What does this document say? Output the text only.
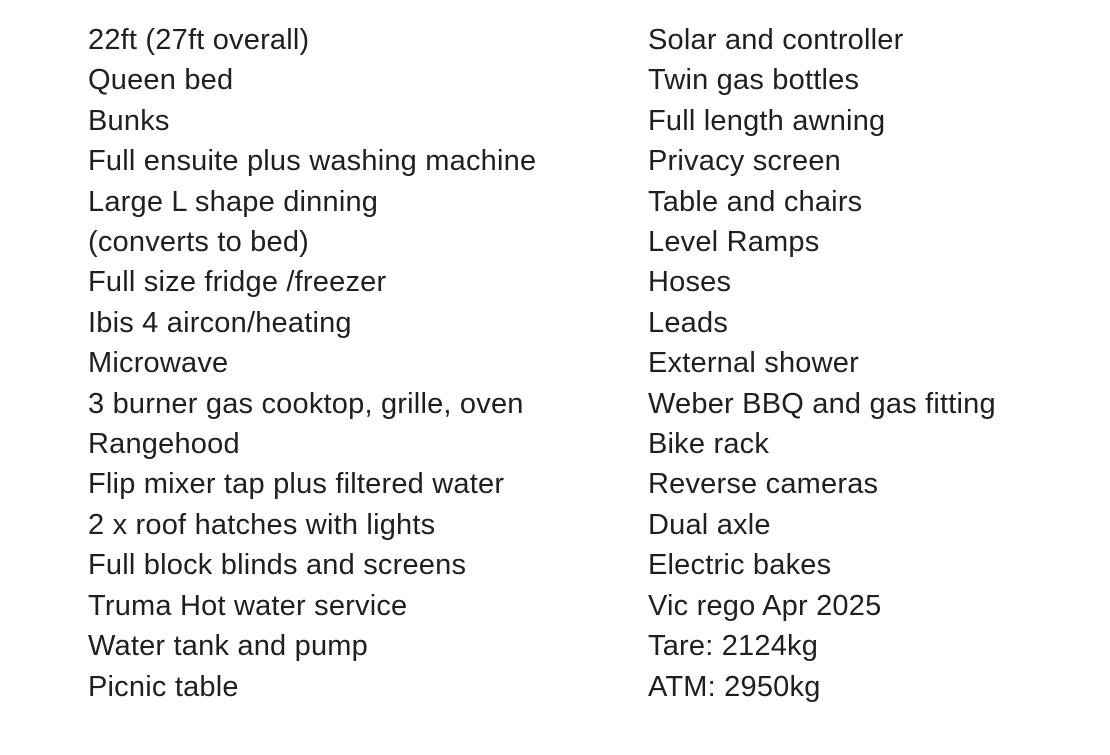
22ft (27ft overall)
Queen bed
Bunks
Full ensuite plus washing machine
Large L shape dinning
(converts to bed)
Full size fridge /freezer
Ibis 4 aircon/heating
Microwave
3 burner gas cooktop, grille, oven
Rangehood
Flip mixer tap plus filtered water
2 x roof hatches with lights
Full block blinds and screens
Truma Hot water service
Water tank and pump
Picnic table
Solar and controller
Twin gas bottles
Full length awning
Privacy screen
Table and chairs
Level Ramps
Hoses
Leads
External shower
Weber BBQ and gas fitting
Bike rack
Reverse cameras
Dual axle
Electric bakes
Vic rego Apr 2025
Tare: 2124kg
ATM: 2950kg
